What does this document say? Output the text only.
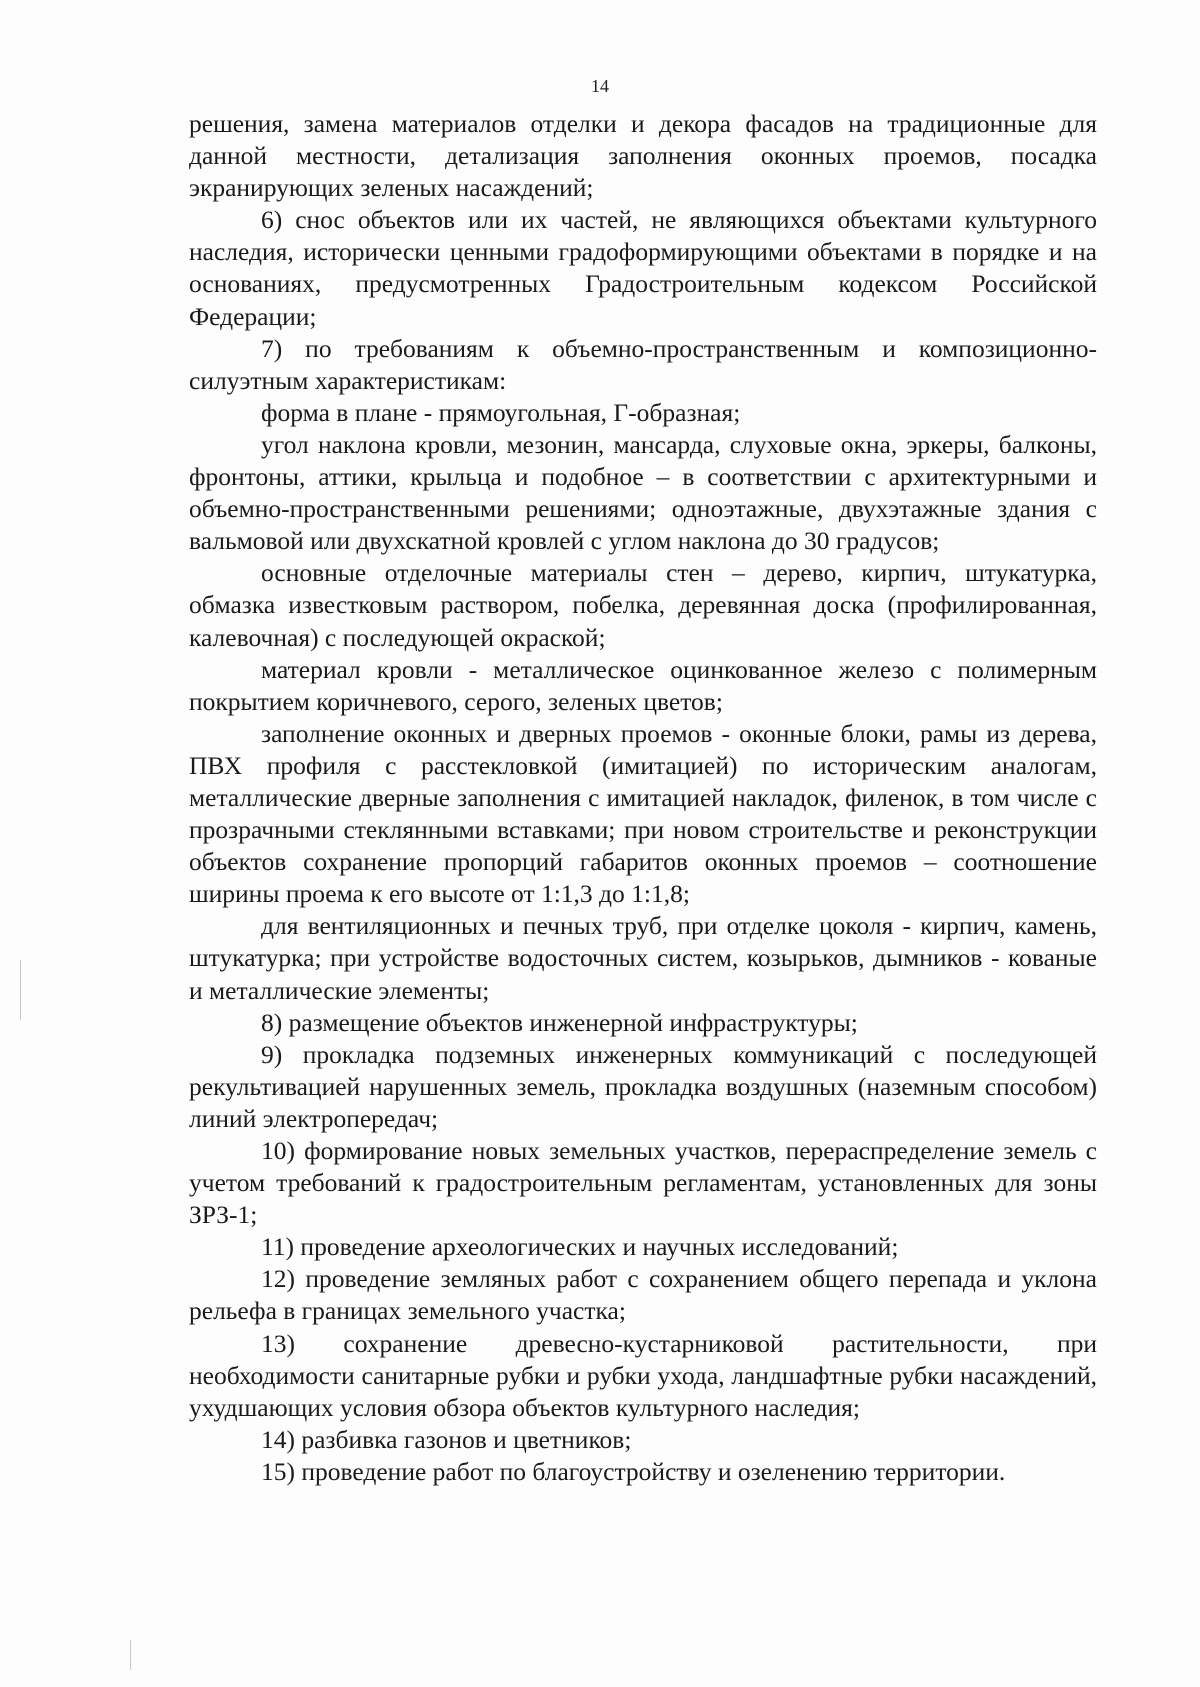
14

решения, замена материалов отделки и декора фасадов на традиционные для данной местности, детализация заполнения оконных проемов, посадка экранирующих зеленых насаждений;

6) снос объектов или их частей, не являющихся объектами культурного наследия, исторически ценными градоформирующими объектами в порядке и на основаниях, предусмотренных Градостроительным кодексом Российской Федерации;

7) по требованиям к объемно-пространственным и композиционно-силуэтным характеристикам:

форма в плане - прямоугольная, Г-образная;

угол наклона кровли, мезонин, мансарда, слуховые окна, эркеры, балконы, фронтоны, аттики, крыльца и подобное – в соответствии с архитектурными и объемно-пространственными решениями; одноэтажные, двухэтажные здания с вальмовой или двухскатной кровлей с углом наклона до 30 градусов;

основные отделочные материалы стен – дерево, кирпич, штукатурка, обмазка известковым раствором, побелка, деревянная доска (профилированная, калевочная) с последующей окраской;

материал кровли - металлическое оцинкованное железо с полимерным покрытием коричневого, серого, зеленых цветов;

заполнение оконных и дверных проемов - оконные блоки, рамы из дерева, ПВХ профиля с расстекловкой (имитацией) по историческим аналогам, металлические дверные заполнения с имитацией накладок, филенок, в том числе с прозрачными стеклянными вставками; при новом строительстве и реконструкции объектов сохранение пропорций габаритов оконных проемов – соотношение ширины проема к его высоте от 1:1,3 до 1:1,8;

для вентиляционных и печных труб, при отделке цоколя - кирпич, камень, штукатурка; при устройстве водосточных систем, козырьков, дымников - кованые и металлические элементы;

8) размещение объектов инженерной инфраструктуры;

9) прокладка подземных инженерных коммуникаций с последующей рекультивацией нарушенных земель, прокладка воздушных (наземным способом) линий электропередач;

10) формирование новых земельных участков, перераспределение земель с учетом требований к градостроительным регламентам, установленных для зоны ЗРЗ-1;

11) проведение археологических и научных исследований;

12) проведение земляных работ с сохранением общего перепада и уклона рельефа в границах земельного участка;

13) сохранение древесно-кустарниковой растительности, при необходимости санитарные рубки и рубки ухода, ландшафтные рубки насаждений, ухудшающих условия обзора объектов культурного наследия;

14) разбивка газонов и цветников;

15) проведение работ по благоустройству и озеленению территории.
